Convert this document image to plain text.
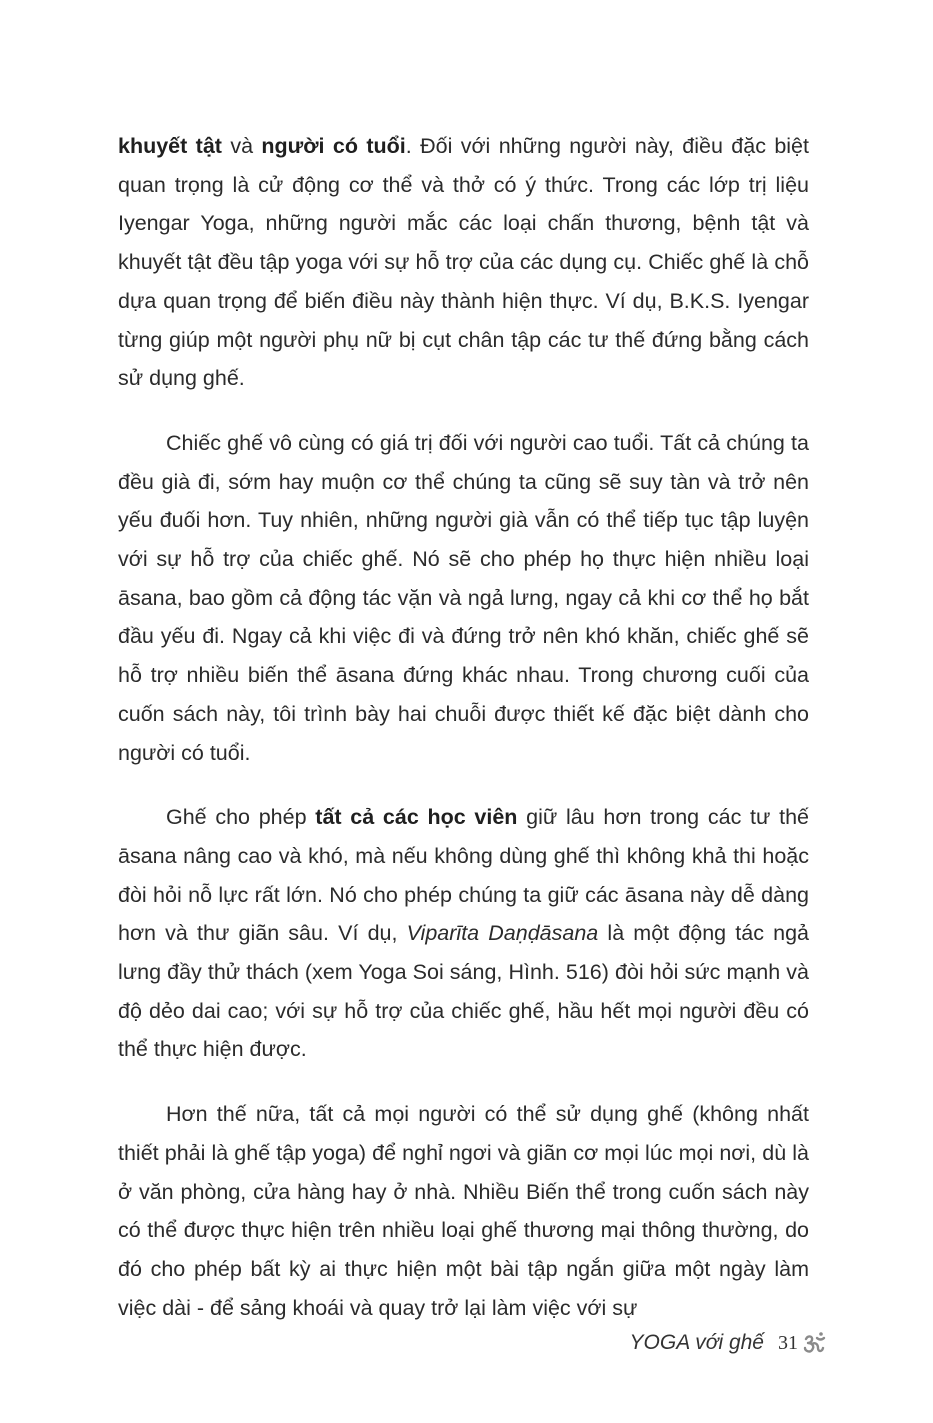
khuyết tật và người có tuổi. Đối với những người này, điều đặc biệt quan trọng là cử động cơ thể và thở có ý thức. Trong các lớp trị liệu Iyengar Yoga, những người mắc các loại chấn thương, bệnh tật và khuyết tật đều tập yoga với sự hỗ trợ của các dụng cụ. Chiếc ghế là chỗ dựa quan trọng để biến điều này thành hiện thực. Ví dụ, B.K.S. Iyengar từng giúp một người phụ nữ bị cụt chân tập các tư thế đứng bằng cách sử dụng ghế.

Chiếc ghế vô cùng có giá trị đối với người cao tuổi. Tất cả chúng ta đều già đi, sớm hay muộn cơ thể chúng ta cũng sẽ suy tàn và trở nên yếu đuối hơn. Tuy nhiên, những người già vẫn có thể tiếp tục tập luyện với sự hỗ trợ của chiếc ghế. Nó sẽ cho phép họ thực hiện nhiều loại āsana, bao gồm cả động tác vặn và ngả lưng, ngay cả khi cơ thể họ bắt đầu yếu đi. Ngay cả khi việc đi và đứng trở nên khó khăn, chiếc ghế sẽ hỗ trợ nhiều biến thể āsana đứng khác nhau. Trong chương cuối của cuốn sách này, tôi trình bày hai chuỗi được thiết kế đặc biệt dành cho người có tuổi.

Ghế cho phép tất cả các học viên giữ lâu hơn trong các tư thế āsana nâng cao và khó, mà nếu không dùng ghế thì không khả thi hoặc đòi hỏi nỗ lực rất lớn. Nó cho phép chúng ta giữ các āsana này dễ dàng hơn và thư giãn sâu. Ví dụ, Viparīta Daṇḍāsana là một động tác ngả lưng đầy thử thách (xem Yoga Soi sáng, Hình. 516) đòi hỏi sức mạnh và độ dẻo dai cao; với sự hỗ trợ của chiếc ghế, hầu hết mọi người đều có thể thực hiện được.

Hơn thế nữa, tất cả mọi người có thể sử dụng ghế (không nhất thiết phải là ghế tập yoga) để nghỉ ngơi và giãn cơ mọi lúc mọi nơi, dù là ở văn phòng, cửa hàng hay ở nhà. Nhiều Biến thể trong cuốn sách này có thể được thực hiện trên nhiều loại ghế thương mại thông thường, do đó cho phép bất kỳ ai thực hiện một bài tập ngắn giữa một ngày làm việc dài - để sảng khoái và quay trở lại làm việc với sự

YOGA với ghế 31
